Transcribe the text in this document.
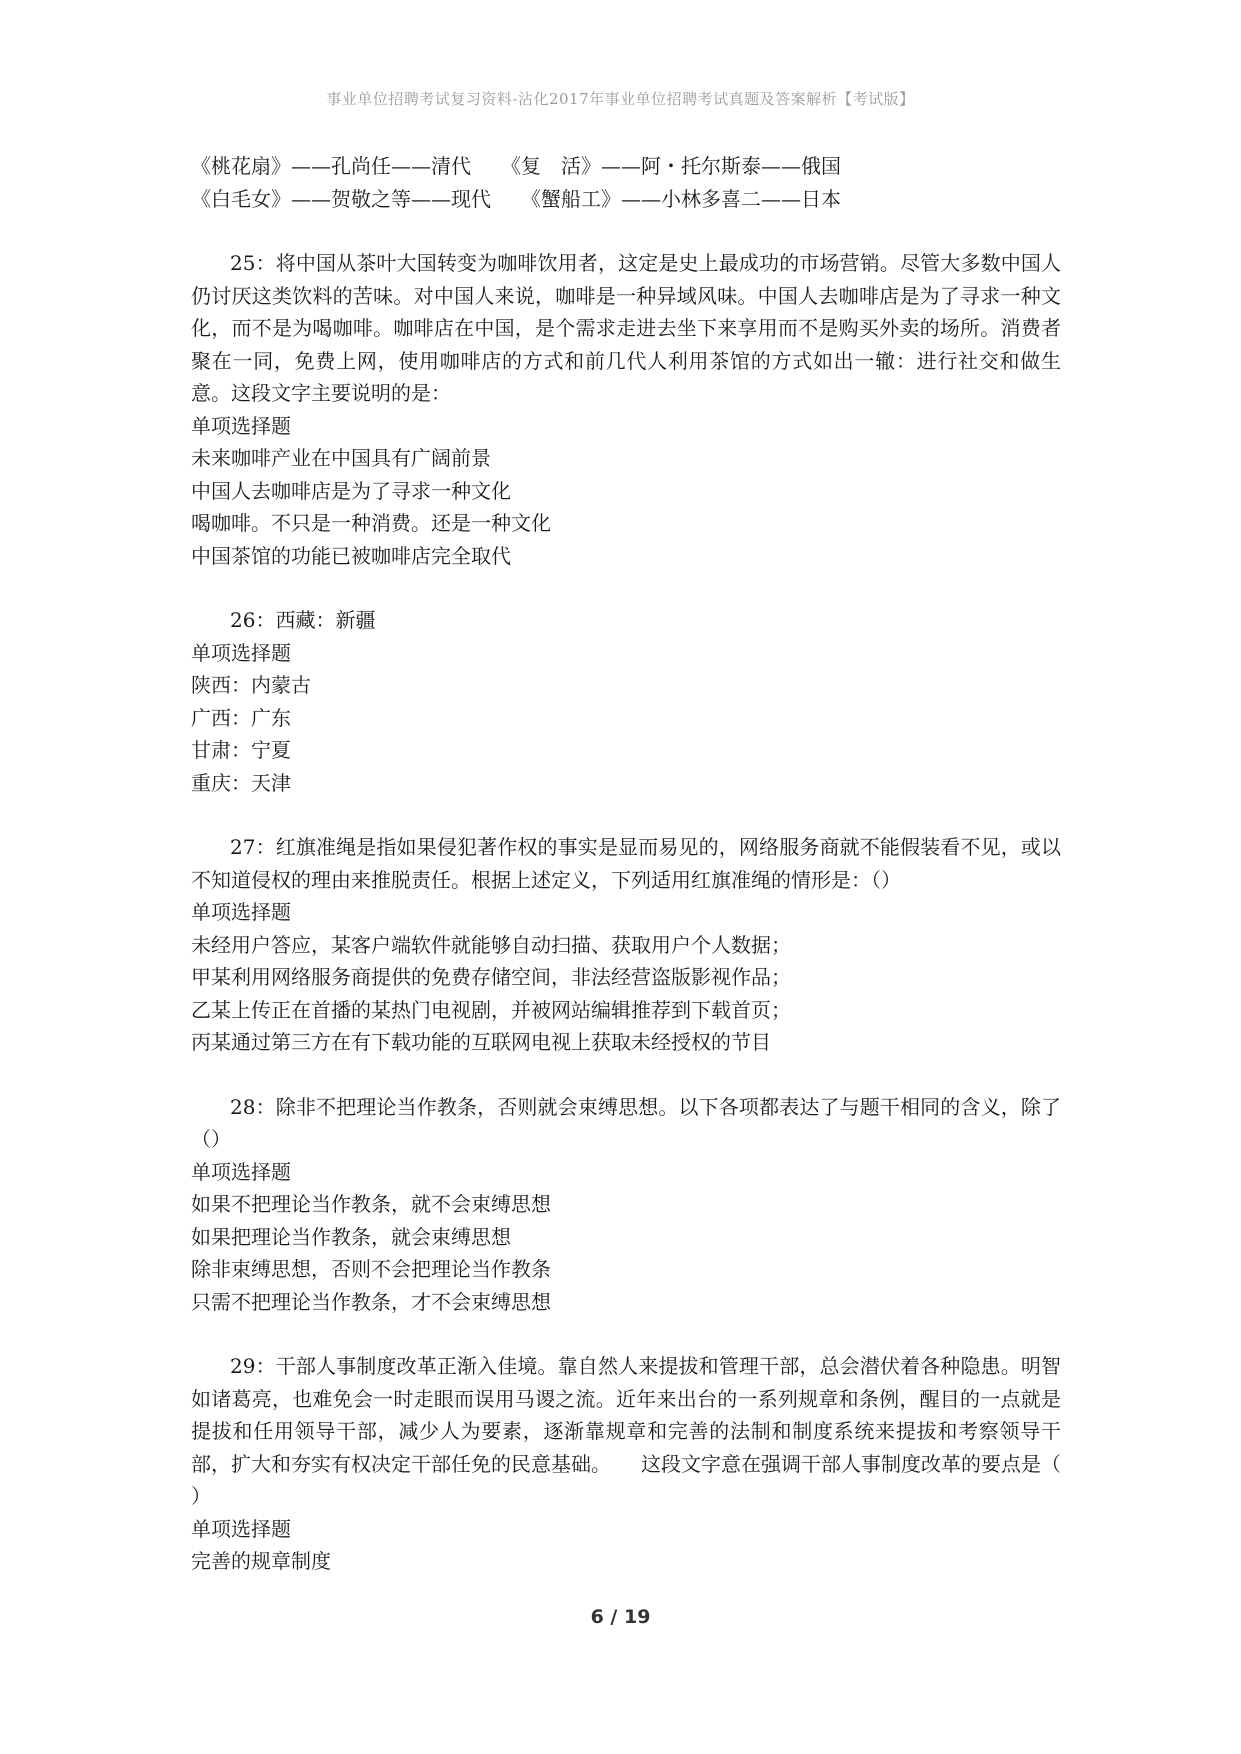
事业单位招聘考试复习资料-沾化2017年事业单位招聘考试真题及答案解析【考试版】
《桃花扇》——孔尚任——清代 《复　活》——阿・托尔斯泰——俄国
《白毛女》——贺敬之等——现代 《蟹船工》——小林多喜二——日本
25：将中国从茶叶大国转变为咖啡饮用者，这定是史上最成功的市场营销。尽管大多数中国人仍讨厌这类饮料的苦味。对中国人来说，咖啡是一种异域风味。中国人去咖啡店是为了寻求一种文化，而不是为喝咖啡。咖啡店在中国，是个需求走进去坐下来享用而不是购买外卖的场所。消费者聚在一同，免费上网，使用咖啡店的方式和前几代人利用茶馆的方式如出一辙：进行社交和做生意。这段文字主要说明的是：
单项选择题
未来咖啡产业在中国具有广阔前景
中国人去咖啡店是为了寻求一种文化
喝咖啡。不只是一种消费。还是一种文化
中国茶馆的功能已被咖啡店完全取代
26：西藏：新疆
单项选择题
陕西：内蒙古
广西：广东
甘肃：宁夏
重庆：天津
27：红旗准绳是指如果侵犯著作权的事实是显而易见的，网络服务商就不能假装看不见，或以不知道侵权的理由来推脱责任。根据上述定义，下列适用红旗准绳的情形是：（）
单项选择题
未经用户答应，某客户端软件就能够自动扫描、获取用户个人数据；
甲某利用网络服务商提供的免费存储空间，非法经营盗版影视作品；
乙某上传正在首播的某热门电视剧，并被网站编辑推荐到下载首页；
丙某通过第三方在有下载功能的互联网电视上获取未经授权的节目
28：除非不把理论当作教条，否则就会束缚思想。以下各项都表达了与题干相同的含义，除了（）
单项选择题
如果不把理论当作教条，就不会束缚思想
如果把理论当作教条，就会束缚思想
除非束缚思想，否则不会把理论当作教条
只需不把理论当作教条，才不会束缚思想
29：干部人事制度改革正渐入佳境。靠自然人来提拔和管理干部，总会潜伏着各种隐患。明智如诸葛亮，也难免会一时走眼而误用马谡之流。近年来出台的一系列规章和条例，醒目的一点就是提拔和任用领导干部，减少人为要素，逐渐靠规章和完善的法制和制度系统来提拔和考察领导干部，扩大和夯实有权决定干部任免的民意基础。　　这段文字意在强调干部人事制度改革的要点是（ ）
单项选择题
完善的规章制度
6 / 19
